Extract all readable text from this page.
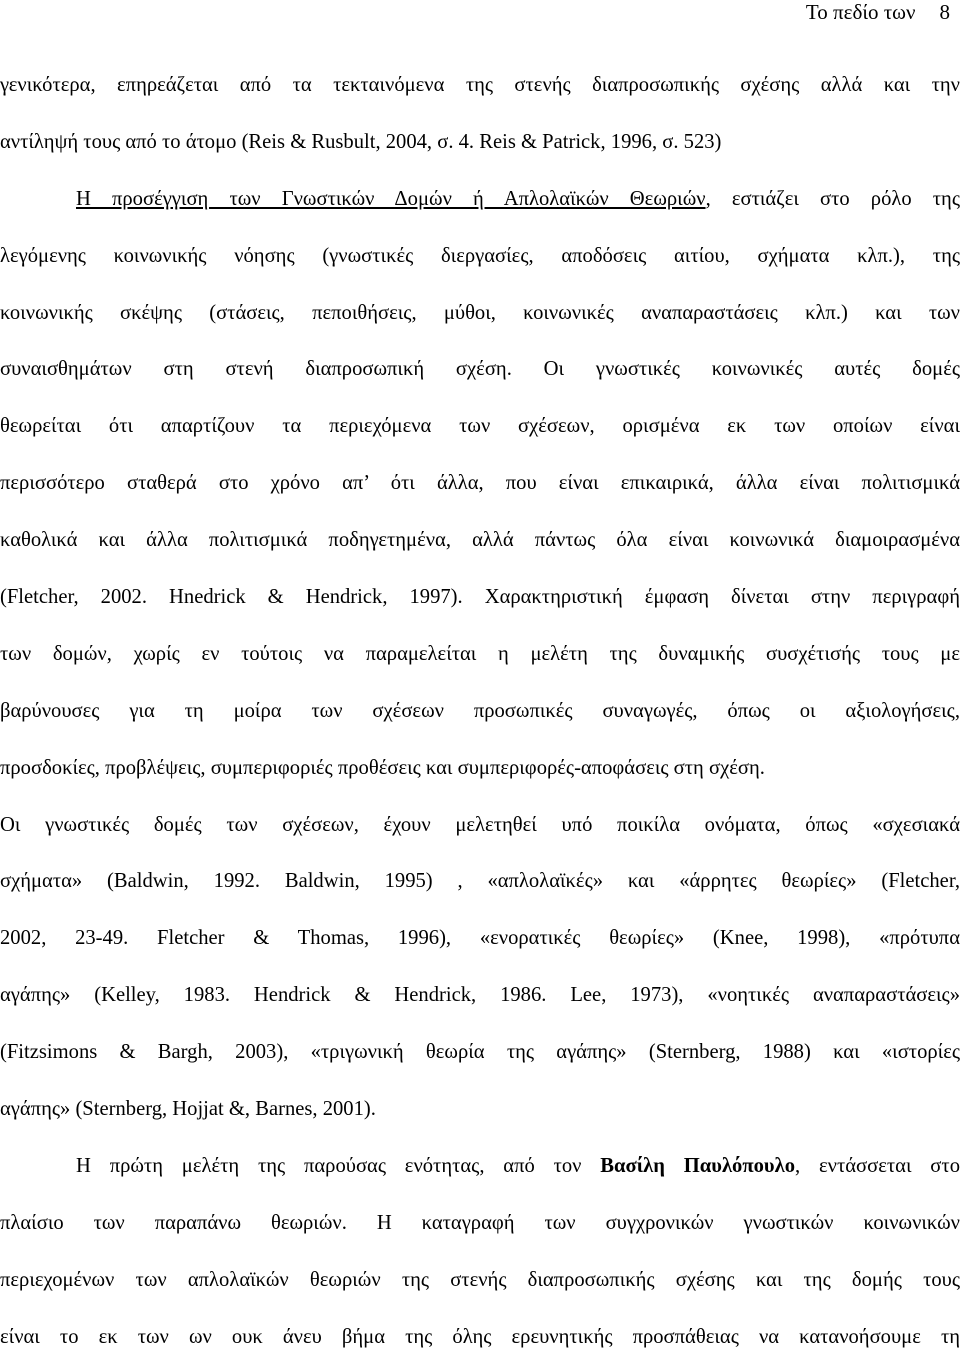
Το πεδίο των 8
γενικότερα, επηρεάζεται από τα τεκταινόμενα της στενής διαπροσωπικής σχέσης αλλά και την
αντίληψή τους από το άτομο (Reis & Rusbult, 2004, σ. 4. Reis & Patrick, 1996, σ. 523)
Η προσέγγιση των Γνωστικών Δομών ή Απλολαϊκών Θεωριών, εστιάζει στο ρόλο της
λεγόμενης κοινωνικής νόησης (γνωστικές διεργασίες, αποδόσεις αιτίου, σχήματα κλπ.), της
κοινωνικής σκέψης (στάσεις, πεποιθήσεις, μύθοι, κοινωνικές αναπαραστάσεις κλπ.) και των
συναισθημάτων στη στενή διαπροσωπική σχέση. Οι γνωστικές κοινωνικές αυτές δομές
θεωρείται ότι απαρτίζουν τα περιεχόμενα των σχέσεων, ορισμένα εκ των οποίων είναι
περισσότερο σταθερά στο χρόνο απ’ ότι άλλα, που είναι επικαιρικά, άλλα είναι πολιτισμικά
καθολικά και άλλα πολιτισμικά ποδηγετημένα, αλλά πάντως όλα είναι κοινωνικά διαμοιρασμένα
(Fletcher, 2002. Hnedrick & Hendrick, 1997). Χαρακτηριστική έμφαση δίνεται στην περιγραφή
των δομών, χωρίς εν τούτοις να παραμελείται η μελέτη της δυναμικής συσχέτισής τους με
βαρύνουσες για τη μοίρα των σχέσεων προσωπικές συναγωγές, όπως οι αξιολογήσεις,
προσδοκίες, προβλέψεις, συμπεριφοριές προθέσεις και συμπεριφορές-αποφάσεις στη σχέση.
Οι γνωστικές δομές των σχέσεων, έχουν μελετηθεί υπό ποικίλα ονόματα, όπως «σχεσιακά
σχήματα» (Baldwin, 1992. Baldwin, 1995) , «απλολαϊκές» και «άρρητες θεωρίες» (Fletcher,
2002, 23-49. Fletcher & Thomas, 1996), «ενορατικές θεωρίες» (Knee, 1998), «πρότυπα
αγάπης» (Kelley, 1983. Hendrick & Hendrick, 1986. Lee, 1973), «νοητικές αναπαραστάσεις»
(Fitzsimons & Bargh, 2003), «τριγωνική θεωρία της αγάπης» (Sternberg, 1988) και «ιστορίες
αγάπης» (Sternberg, Hojjat &, Barnes, 2001).
Η πρώτη μελέτη της παρούσας ενότητας, από τον Βασίλη Παυλόπουλο, εντάσσεται στο
πλαίσιο των παραπάνω θεωριών. Η καταγραφή των συγχρονικών γνωστικών κοινωνικών
περιεχομένων των απλολαϊκών θεωριών της στενής διαπροσωπικής σχέσης και της δομής τους
είναι το εκ των ων ουκ άνευ βήμα της όλης ερευνητικής προσπάθειας να κατανοήσουμε τη
